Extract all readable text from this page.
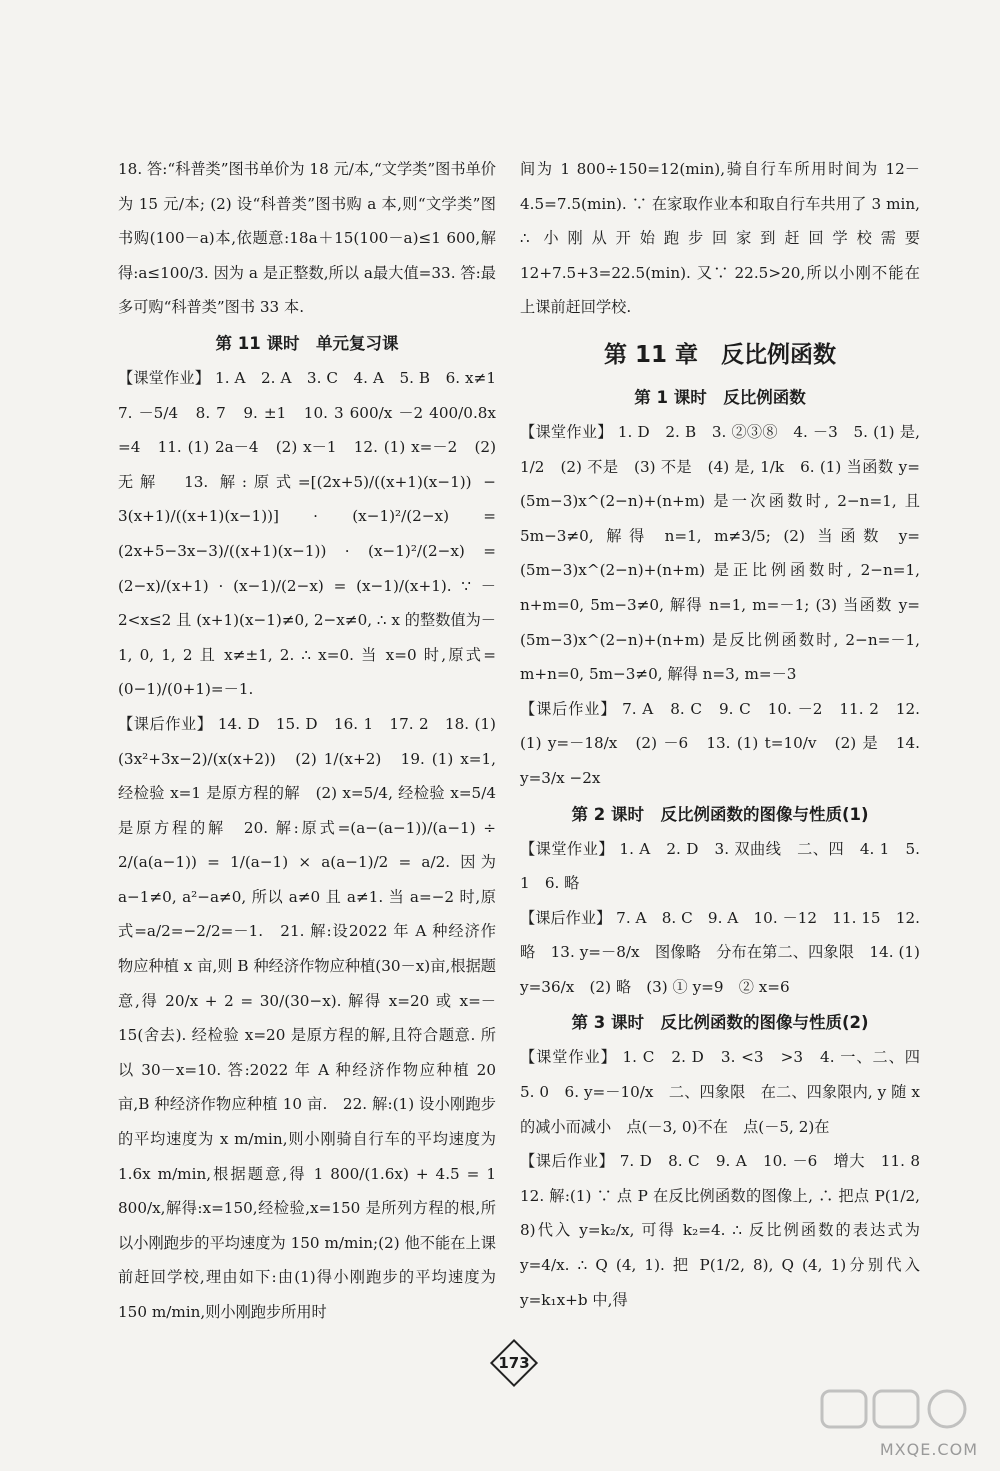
18. 答:“科普类”图书单价为 18 元/本,“文学类”图书单价为 15 元/本; (2) 设“科普类”图书购 a 本,则“文学类”图书购(100－a)本,依题意:18a＋15(100－a)≤1 600,解得:a≤100/3. 因为 a 是正整数,所以 a最大值=33. 答:最多可购“科普类”图书 33 本.

第 11 课时　单元复习课

【课堂作业】 1. A　2. A　3. C　4. A　5. B　6. x≠1　7. －5/4　8. 7　9. ±1　10. 3 600/x －2 400/0.8x =4　11. (1) 2a－4　(2) x－1　12. (1) x=－2　(2) 无解　13. 解:原式=[(2x+5)/((x+1)(x−1)) − 3(x+1)/((x+1)(x−1))] · (x−1)²/(2−x) = (2x+5−3x−3)/((x+1)(x−1)) · (x−1)²/(2−x) = (2−x)/(x+1) · (x−1)/(2−x) = (x−1)/(x+1). ∵ －2<x≤2 且 (x+1)(x−1)≠0, 2−x≠0, ∴ x 的整数值为－1, 0, 1, 2 且 x≠±1, 2. ∴ x=0. 当 x=0 时,原式=(0−1)/(0+1)=－1.

【课后作业】 14. D　15. D　16. 1　17. 2　18. (1) (3x²+3x−2)/(x(x+2))　(2) 1/(x+2)　19. (1) x=1, 经检验 x=1 是原方程的解　(2) x=5/4, 经检验 x=5/4 是原方程的解　20. 解:原式=(a−(a−1))/(a−1) ÷ 2/(a(a−1)) = 1/(a−1) × a(a−1)/2 = a/2. 因为 a−1≠0, a²−a≠0, 所以 a≠0 且 a≠1. 当 a=−2 时,原式=a/2=−2/2=－1.　21. 解:设2022 年 A 种经济作物应种植 x 亩,则 B 种经济作物应种植(30－x)亩,根据题意,得 20/x + 2 = 30/(30−x). 解得 x=20 或 x=－15(舍去). 经检验 x=20 是原方程的解,且符合题意. 所以 30－x=10. 答:2022 年 A 种经济作物应种植 20 亩,B 种经济作物应种植 10 亩.　22. 解:(1) 设小刚跑步的平均速度为 x m/min,则小刚骑自行车的平均速度为 1.6x m/min,根据题意,得 1 800/(1.6x) + 4.5 = 1 800/x,解得:x=150,经检验,x=150 是所列方程的根,所以小刚跑步的平均速度为 150 m/min;(2) 他不能在上课前赶回学校,理由如下:由(1)得小刚跑步的平均速度为 150 m/min,则小刚跑步所用时

间为 1 800÷150=12(min),骑自行车所用时间为 12－4.5=7.5(min). ∵ 在家取作业本和取自行车共用了 3 min, ∴ 小刚从开始跑步回家到赶回学校需要 12+7.5+3=22.5(min). 又∵ 22.5>20,所以小刚不能在上课前赶回学校.

第 11 章　反比例函数

第 1 课时　反比例函数

【课堂作业】 1. D　2. B　3. ②③⑧　4. －3　5. (1) 是, 1/2　(2) 不是　(3) 不是　(4) 是, 1/k　6. (1) 当函数 y=(5m−3)x^(2−n)+(n+m) 是一次函数时, 2−n=1, 且 5m−3≠0, 解得 n=1, m≠3/5; (2) 当函数 y=(5m−3)x^(2−n)+(n+m) 是正比例函数时, 2−n=1, n+m=0, 5m−3≠0, 解得 n=1, m=－1; (3) 当函数 y=(5m−3)x^(2−n)+(n+m) 是反比例函数时, 2−n=－1, m+n=0, 5m−3≠0, 解得 n=3, m=－3

【课后作业】 7. A　8. C　9. C　10. －2　11. 2　12. (1) y=－18/x　(2) －6　13. (1) t=10/v　(2) 是　14. y=3/x −2x

第 2 课时　反比例函数的图像与性质(1)

【课堂作业】 1. A　2. D　3. 双曲线　二、四　4. 1　5. 1　6. 略

【课后作业】 7. A　8. C　9. A　10. －12　11. 15　12. 略　13. y=－8/x　图像略　分布在第二、四象限　14. (1) y=36/x　(2) 略　(3) ① y=9　② x=6

第 3 课时　反比例函数的图像与性质(2)

【课堂作业】 1. C　2. D　3. <3　>3　4. 一、二、四　5. 0　6. y=－10/x　二、四象限　在二、四象限内, y 随 x 的减小而减小　点(－3, 0)不在　点(－5, 2)在

【课后作业】 7. D　8. C　9. A　10. －6　增大　11. 8　12. 解:(1) ∵ 点 P 在反比例函数的图像上, ∴ 把点 P(1/2, 8)代入 y=k₂/x, 可得 k₂=4. ∴ 反比例函数的表达式为 y=4/x. ∴ Q (4, 1). 把 P(1/2, 8), Q (4, 1)分别代入 y=k₁x+b 中,得

173
MXQE.COM
